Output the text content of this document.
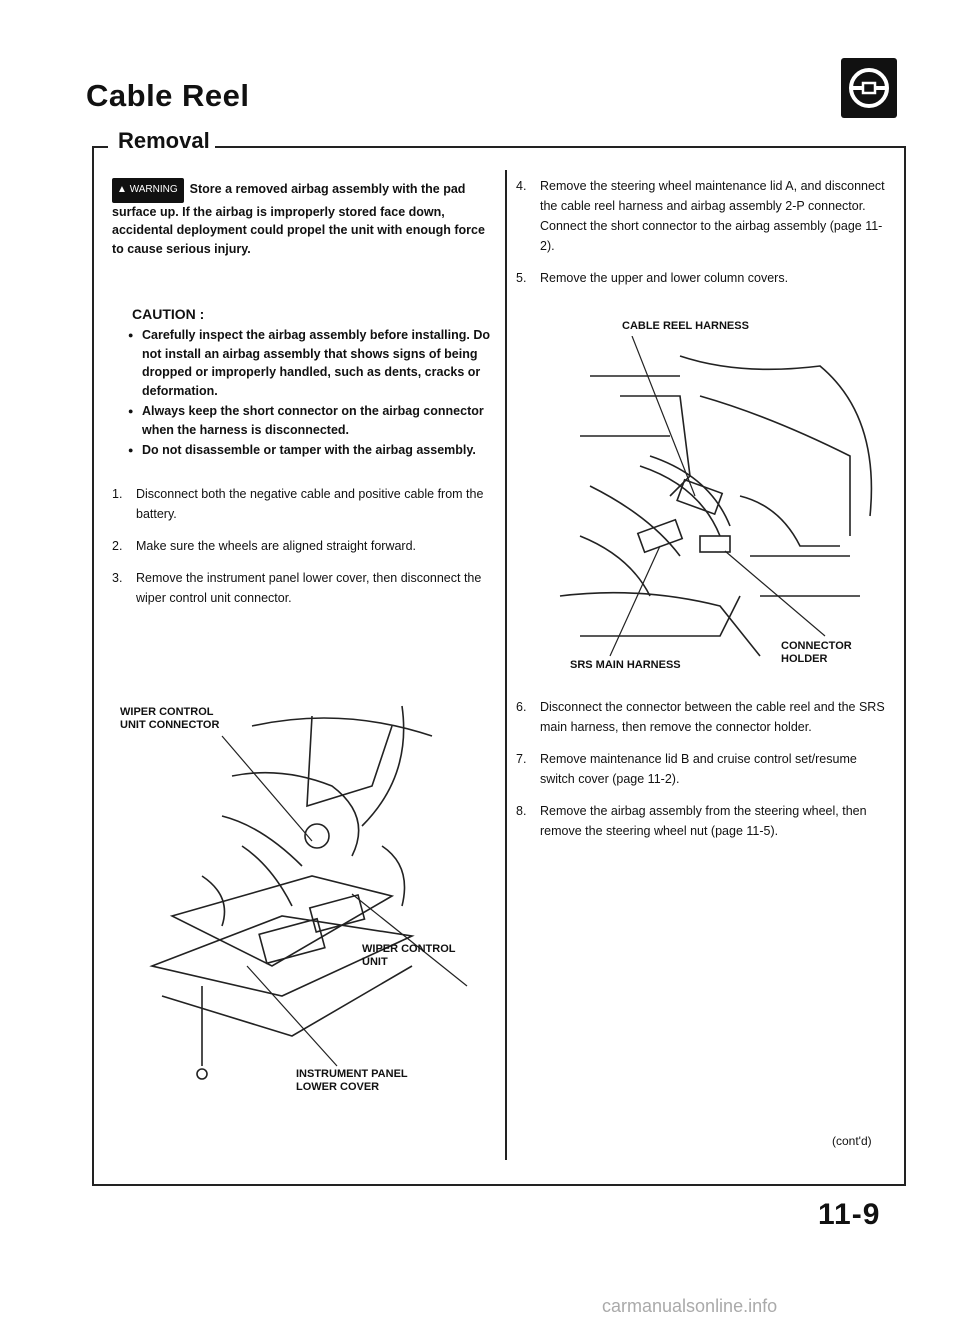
Cable Reel
Removal
▲ WARNING Store a removed airbag assembly with the pad surface up. If the airbag is improperly stored face down, accidental deployment could propel the unit with enough force to cause serious injury.
CAUTION :
● Carefully inspect the airbag assembly before installing. Do not install an airbag assembly that shows signs of being dropped or improperly handled, such as dents, cracks or deformation.
● Always keep the short connector on the airbag connector when the harness is disconnected.
● Do not disassemble or tamper with the airbag assembly.
1. Disconnect both the negative cable and positive cable from the battery.
2. Make sure the wheels are aligned straight forward.
3. Remove the instrument panel lower cover, then disconnect the wiper control unit connector.
WIPER CONTROL
UNIT CONNECTOR
WIPER CONTROL
UNIT
INSTRUMENT PANEL
LOWER COVER
4. Remove the steering wheel maintenance lid A, and disconnect the cable reel harness and airbag assembly 2-P connector. Connect the short connector to the airbag assembly (page 11-2).
5. Remove the upper and lower column covers.
CABLE REEL HARNESS
SRS MAIN HARNESS
CONNECTOR
HOLDER
6. Disconnect the connector between the cable reel and the SRS main harness, then remove the connector holder.
7. Remove maintenance lid B and cruise control set/resume switch cover (page 11-2).
8. Remove the airbag assembly from the steering wheel, then remove the steering wheel nut (page 11-5).
(cont'd)
11-9
carmanualsonline.info
